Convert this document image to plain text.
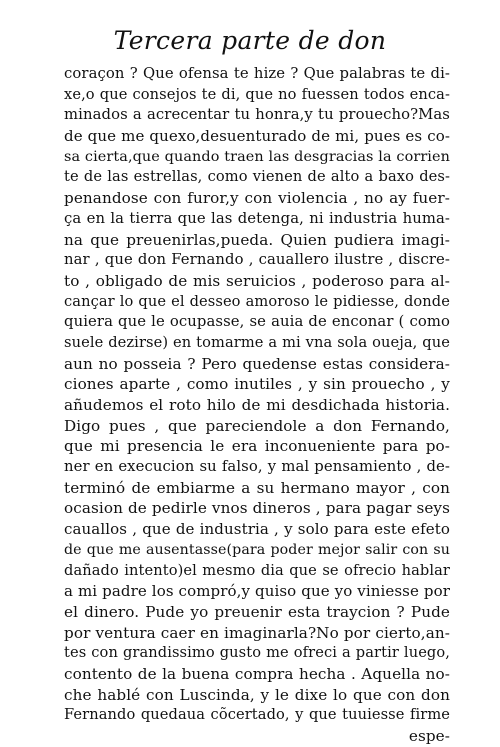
Tercera parte de don
coraçon ? Que ofensa te hize ? Que palabras te di-
xe,o que consejos te di, que no fuessen todos enca-
minados a acrecentar tu honra,y tu prouecho?Mas
de que me quexo,desuenturado de mi, pues es co-
sa cierta,que quando traen las desgracias la corrien
te de las estrellas, como vienen de alto a baxo des-
penandose con furor,y con violencia , no ay fuer-
ça en la tierra que las detenga, ni industria huma-
na que preuenirlas,pueda. Quien pudiera imagi-
nar , que don Fernando , cauallero ilustre , discre-
to , obligado de mis seruicios , poderoso para al-
cançar lo que el desseo amoroso le pidiesse, donde
quiera que le ocupasse, se auia de enconar ( como
suele dezirse) en tomarme a mi vna sola oueja, que
aun no posseia ? Pero quedense estas considera-
ciones aparte , como inutiles , y sin prouecho , y
añudemos el roto hilo de mi desdichada historia.
Digo pues , que pareciendole a don Fernando,
que mi presencia le era inconueniente para po-
ner en execucion su falso, y mal pensamiento , de-
terminó de embiarme a su hermano mayor , con
ocasion de pedirle vnos dineros , para pagar seys
cauallos , que de industria , y solo para este efeto
de que me ausentasse(para poder mejor salir con su
dañado intento)el mesmo dia que se ofrecio hablar
a mi padre los compró,y quiso que yo viniesse por
el dinero. Pude yo preuenir esta traycion ? Pude
por ventura caer en imaginarla?No por cierto,an-
tes con grandissimo gusto me ofreci a partir luego,
contento de la buena compra hecha . Aquella no-
che hablé con Luscinda, y le dixe lo que con don
Fernando quedaua cõcertado, y que tuuiesse firme
espe-
